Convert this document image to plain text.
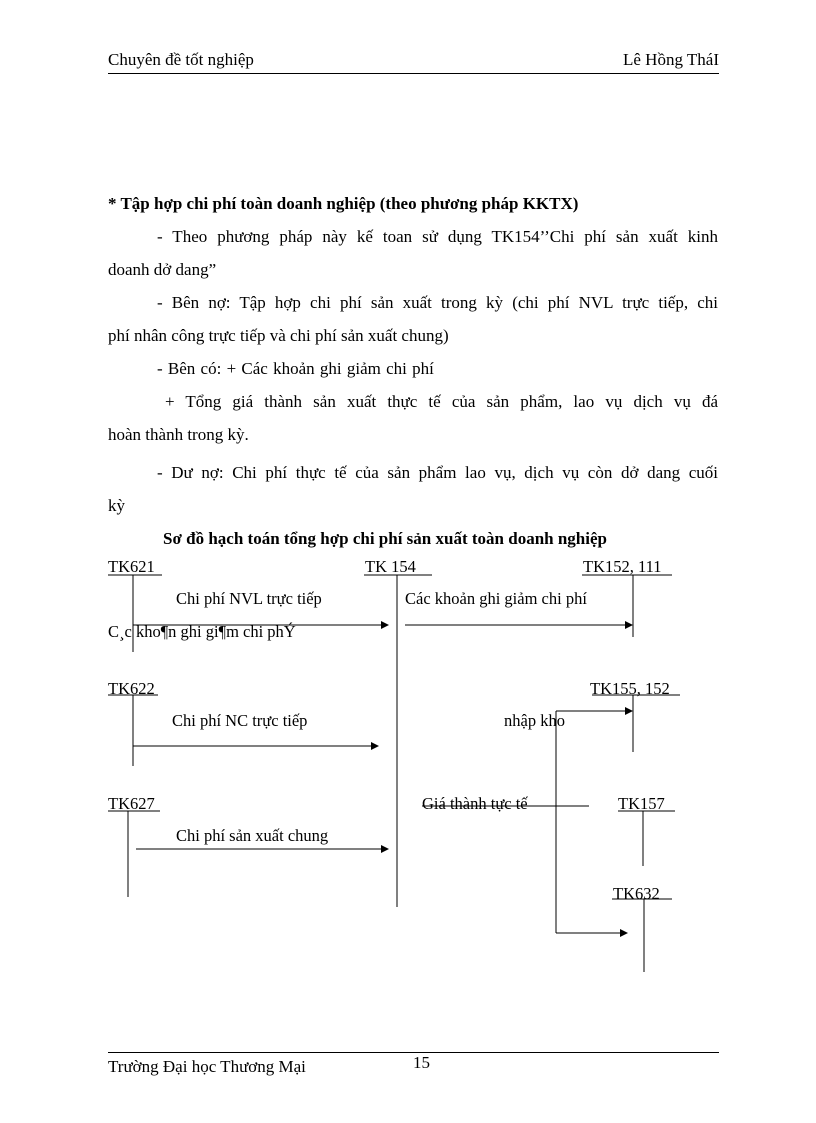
Chuyên đề tốt nghiệp	Lê Hồng TháI
* Tập hợp chi phí toàn doanh nghiệp (theo phương pháp KKTX)
- Theo phương pháp này kế toan sử dụng TK154’’Chi phí sản xuất kinh
doanh dở dang”
- Bên nợ: Tập hợp chi phí sản xuất trong kỳ (chi phí NVL trực tiếp, chi
phí nhân công trực tiếp và chi phí sản xuất chung)
- Bên có: + Các khoản ghi giảm chi phí
+ Tổng giá thành sản xuất thực tế của sản phẩm, lao vụ dịch vụ đá
hoàn thành trong kỳ.
- Dư nợ: Chi phí thực tế của sản phẩm lao vụ, dịch vụ còn dở dang cuối
kỳ
Sơ đồ hạch toán tổng hợp chi phí sản xuất toàn doanh nghiệp
TK621	TK 154	TK152, 111
Chi phí NVL trực tiếp	Các khoản ghi giảm chi phí
C¸c kho¶n ghi gi¶m chi phÝ
TK622	TK155, 152
Chi phí NC trực tiếp	nhập kho
TK627	Giá thành tực tế	TK157
Chi phí sản xuất chung
TK632
Trường Đại học Thương Mại	15
